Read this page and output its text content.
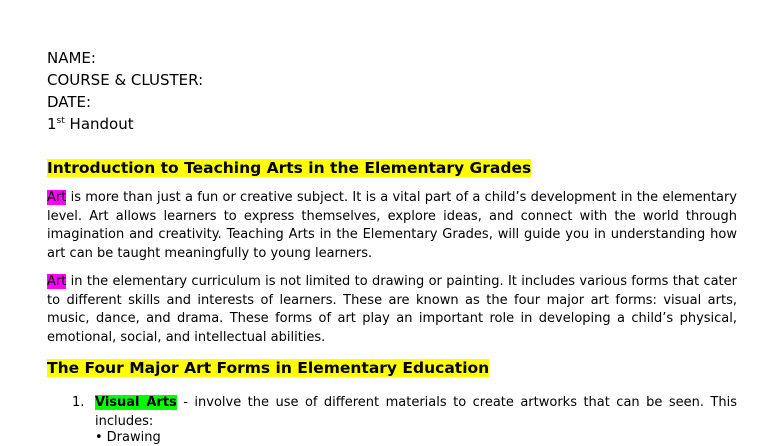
NAME:
COURSE & CLUSTER:
DATE:
1st Handout
Introduction to Teaching Arts in the Elementary Grades
Art is more than just a fun or creative subject. It is a vital part of a child’s development in the elementary level. Art allows learners to express themselves, explore ideas, and connect with the world through imagination and creativity. Teaching Arts in the Elementary Grades, will guide you in understanding how art can be taught meaningfully to young learners.
Art in the elementary curriculum is not limited to drawing or painting. It includes various forms that cater to different skills and interests of learners. These are known as the four major art forms: visual arts, music, dance, and drama. These forms of art play an important role in developing a child’s physical, emotional, social, and intellectual abilities.
The Four Major Art Forms in Elementary Education
1. Visual Arts - involve the use of different materials to create artworks that can be seen. This includes:
• Drawing
